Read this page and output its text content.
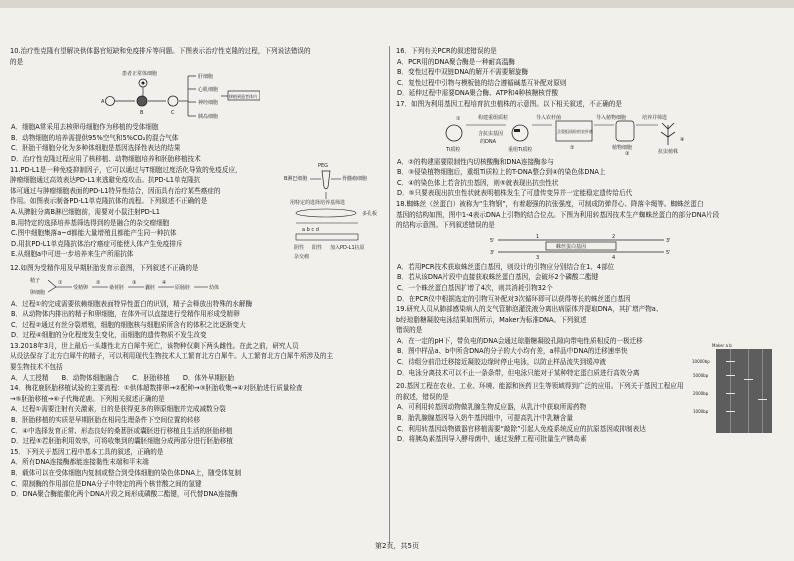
10.治疗性克隆有望解决供体器官短缺和免疫排斥等问题。下图表示治疗性克隆的过程，下列说法错误的
的是
患者正常体细胞
A
B	C
肝细胞
心肌细胞
神经细胞
胰岛细胞
移植到患者体内
A．细胞A常采用去核卵母细胞作为移植的受体细胞
B．动物细胞的培养需提供95%空气和5%CO₂的混合气体
C．胚胎干细胞分化为多种体细胞是基因选择性表达的结果
D．治疗性克隆过程应用了核移植、动物细胞培养和胚胎移植技术
11.PD-L1是一种免疫抑制因子，它可以通过与T细胞过度活化导致的免疫反应，
肿瘤细胞通过高效表达PD-L1来逃避免疫攻击。抗PD-L1单克隆抗
体可通过与肿瘤细胞表面的PD-L1特异性结合，因而具有治疗某些癌症的
作用。如图表示制备PD-L1单克隆抗体的流程。下列叙述不正确的是
A.从脾脏分离B淋巴细胞前，需要对小鼠注射PD-L1
B.用特定的选择培养基筛选得到的是融合的杂交瘤细胞
C.图中细胞集落a~d都能大量增殖且都能产生同一种抗体
D.用抗PD-L1单克隆抗体治疗癌症可能使人体产生免疫排斥
E.从细胞a中可进一步培养来生产所需抗体
PEG
B淋巴细胞	骨髓瘤细胞
用特定的选择培养基筛选
多孔板
a b c d
阴性 阳性 加入PD-L1抗原
杂交瘤
12.如图为受精作用及早期胚胎发育示意图，下列叙述不正确的是
精子
卵细胞
①
受精卵
②
桑葚胚
③
囊胚
④
原肠胚	幼体
A．过程①的完成需要依赖细胞表面特异性蛋白的识别，精子会释放出特殊的水解酶
B．从动物体内排出的精子和卵细胞，在体外可以直接进行受精作用形成受精卵
C．过程②通过有丝分裂增殖，细胞的细胞核与细胞质所含有的体积之比逐渐变大
D．过程④细胞的分化程度发生变化，而细胞的遗传物质不发生改变
13.2018年3月，世上最后一头雄性北方白犀牛死亡，该物种仅剩下两头雌性。在此之前，研究人员
从设法保存了北方白犀牛的精子，可以利用现代生物技术人工繁育北方白犀牛。人工繁育北方白犀牛所涉及的主
要生物技术不包括
A．人工授精　　B．动物体细胞融合　　C．胚胎移植　　D．体外早期胚胎
14．梅花鹿胚胎移植试验的主要流程：①供体超数排卵→②配种→③胚胎收集→④对胚胎进行质量检查
→⑤胚胎移植→⑥子代梅花鹿。下列相关叙述正确的是
A．过程①需要注射有关激素，目的是获得更多的卵原细胞并完成减数分裂
B．胚胎移植的实质是早期胚胎在相同生理条件下空间位置的转移
C．④中选择发育正常、形态良好的桑葚胚或囊胚进行移植且生活的胚胎移植
D．过程⑤若胚胎利用效率，可将收集到的囊胚细胞分成两部分进行胚胎移植
15．下列关于基因工程中基本工具的叙述，正确的是
A．所有DNA连接酶都能连接黏性末端和平末端
B．载体可以在受体细胞内复制或整合到受体细胞的染色体DNA上，随受体复制
C．限制酶的作用部位是DNA分子中特定的两个核苷酸之间的氢键
D．DNA聚合酶能催化两个DNA片段之间形成磷酸二酯键，可代替DNA连接酶
16．下列有关PCR的叙述错误的是
A．PCR用的DNA聚合酶是一种耐高温酶
B．变性过程中双链DNA的解开不需要解旋酶
C．复性过程中引物与模板链的结合遵循碱基互补配对原则
D．延伸过程中需要DNA聚合酶、ATP和4种核糖核苷酸
17．如图为利用基因工程培育抗虫植株的示意图。以下相关叙述，不正确的是
Ti质粒
构建重组质粒
含抗虫基因
的DNA
①
重组Ti质粒
导入农杆菌
含重组质粒的农杆菌
②
导入植物细胞
植物细胞
③
培养并筛选
抗虫植株
④
A．②的构建需要限制性内切核酸酶和DNA连接酶参与
B．③侵染植物细胞后，重组Ti质粒上的T-DNA整合到④的染色体DNA上
C．④的染色体上若含抗虫基因，则⑤就表现出抗虫性状
D．⑤只要表现出抗虫性状就表明植株发生了可遗传变异并一定能稳定遗传给后代
18.蜘蛛丝（丝蛋白）被称为“生物钢”，有着超强的抗张强度，可制成防弹背心、降落伞绳等。蜘蛛丝蛋白
基因的结构如图，图中1-4表示DNA上引物的结合位点。下图为利用转基因技术生产蜘蛛丝蛋白的部分DNA片段
的结构示意图。下列叙述错误的是
5'	3'
蛛丝蛋白基因
1	2
3	4
3'	5'
A．若用PCR技术获取蛛丝蛋白基因，则设计的引物应分别结合在1、4部位
B．若从该DNA片段中直接获取蛛丝蛋白基因，会破坏2个磷酸二酯键
C．一个蛛丝蛋白基因扩增了4次，则共消耗引物32个
D．在PCR仪中根据选定的引物互补配对3次循环即可以获得等长的蛛丝蛋白基因
19.研究人员从肺部感染病人的支气管肺泡灌洗液分离出病原体并提取DNA，其扩增产物a、
b经琼脂糖凝胶电泳结果如图所示，Maker为标准DNA。下列叙述
错误的是
A．在一定的pH下，带负电的DNA会通过琼脂糖凝胶孔隙向带电性质相反的一极迁移
B．图中样品a、b中所含DNA的分子的大小均有差，a样品中DNA的迁移速率快
C．待组分前沿迁移接近凝胶边缘时停止电泳，以防止样品流失到缓冲液
D．电泳分离技术可以不止一条条带，但电泳只能对于某种特定蛋白质进行高效分离
20.基因工程在农业、工业、环境、能源和医药卫生等领域得到广泛的应用。下列关于基因工程应用
的叙述，错误的是
A．可利用转基因动物做乳腺生物反应器，从乳汁中获取所需药物
B．胎乳腺腺基因导入奶牛基因组中，可提高乳汁中乳糖含量
C．利用转基因动物做器官移植需要“敲除”引起人免疫系统反应的抗原基因或抑制表达
D．将胰岛素基因导入酵母菌中，通过发酵工程可批量生产胰岛素
Maker a b
10000bp
5000bp
2000bp
1000bp
第2页，共5页
